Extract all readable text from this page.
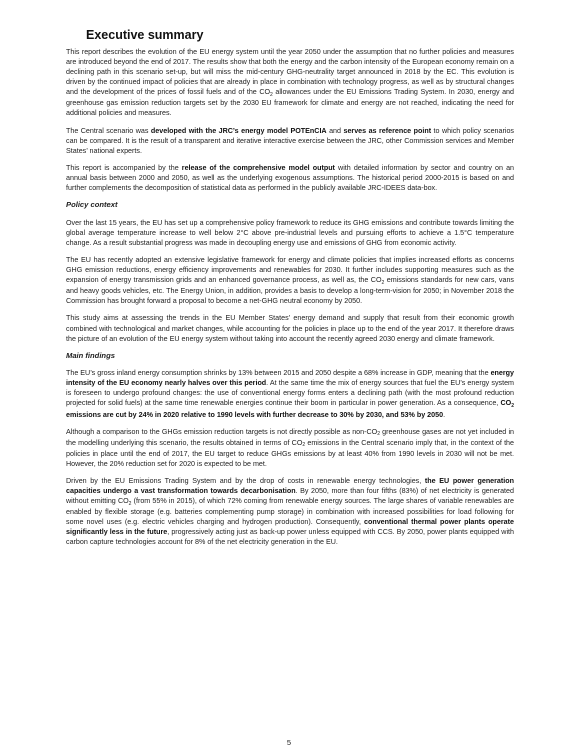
Executive summary

This report describes the evolution of the EU energy system until the year 2050 under the assumption that no further policies and measures are introduced beyond the end of 2017. The results show that both the energy and the carbon intensity of the European economy remain on a declining path in this scenario set-up, but will miss the mid-century GHG-neutrality target announced in 2018 by the EC. This evolution is driven by the continued impact of policies that are already in place in combination with technology progress, as well as by structural changes and the development of the prices of fossil fuels and of the $CO_2$ allowances under the EU Emissions Trading System. In 2030, energy and greenhouse gas emission reduction targets set by the 2030 EU framework for climate and energy are not reached, indicating the need for additional policies and measures.

The Central scenario was developed with the JRC’s energy model POTEnCIA and serves as reference point to which policy scenarios can be compared. It is the result of a transparent and iterative interactive exercise between the JRC, other Commission services and Member States’ national experts.

This report is accompanied by the release of the comprehensive model output with detailed information by sector and country on an annual basis between 2000 and 2050, as well as the underlying exogenous assumptions. The historical period 2000-2015 is based on and further complements the decomposition of statistical data as performed in the publicly available JRC-IDEES data-box.

Policy context

Over the last 15 years, the EU has set up a comprehensive policy framework to reduce its GHG emissions and contribute towards limiting the global average temperature increase to well below 2°C above pre-industrial levels and pursuing efforts to achieve a 1.5°C temperature change. As a result substantial progress was made in decoupling energy use and emissions of GHG from economic activity.

The EU has recently adopted an extensive legislative framework for energy and climate policies that implies increased efforts as concerns GHG emission reductions, energy efficiency improvements and renewables for 2030. It further includes supporting measures such as the expansion of energy transmission grids and an enhanced governance process, as well as, the $CO_2$ emissions standards for new cars, vans and heavy goods vehicles, etc. The Energy Union, in addition, provides a basis to develop a long-term-vision for 2050; in November 2018 the Commission has brought forward a proposal to become a net-GHG neutral economy by 2050.

This study aims at assessing the trends in the EU Member States’ energy demand and supply that result from their economic growth combined with technological and market changes, while accounting for the policies in place up to the end of the year 2017. It therefore draws the picture of an evolution of the EU energy system without taking into account the recently agreed 2030 energy and climate framework.

Main findings

The EU’s gross inland energy consumption shrinks by 13% between 2015 and 2050 despite a 68% increase in GDP, meaning that the energy intensity of the EU economy nearly halves over this period. At the same time the mix of energy sources that fuel the EU’s energy system is foreseen to undergo profound changes: the use of conventional energy forms enters a declining path (with the most profound reduction projected for solid fuels) at the same time renewable energies continue their boom in particular in power generation. As a consequence, $CO_2$ emissions are cut by 24% in 2020 relative to 1990 levels with further decrease to 30% by 2030, and 53% by 2050.

Although a comparison to the GHGs emission reduction targets is not directly possible as non-$CO_2$ greenhouse gases are not yet included in the modelling underlying this scenario, the results obtained in terms of $CO_2$ emissions in the Central scenario imply that, in the context of the policies in place until the end of 2017, the EU target to reduce GHGs emissions by at least 40% from 1990 levels in 2030 will not be met. However, the 20% reduction set for 2020 is expected to be met.

Driven by the EU Emissions Trading System and by the drop of costs in renewable energy technologies, the EU power generation capacities undergo a vast transformation towards decarbonisation. By 2050, more than four fifths (83%) of net electricity is generated without emitting $CO_2$ (from 55% in 2015), of which 72% coming from renewable energy sources. The large shares of variable renewables are enabled by flexible storage (e.g. batteries complementing pump storage) in combination with increased possibilities for load following for some novel uses (e.g. electric vehicles charging and hydrogen production). Consequently, conventional thermal power plants operate significantly less in the future, progressively acting just as back-up power unless equipped with CCS. By 2050, power plants equipped with carbon capture technologies account for 8% of the net electricity generation in the EU.

5
